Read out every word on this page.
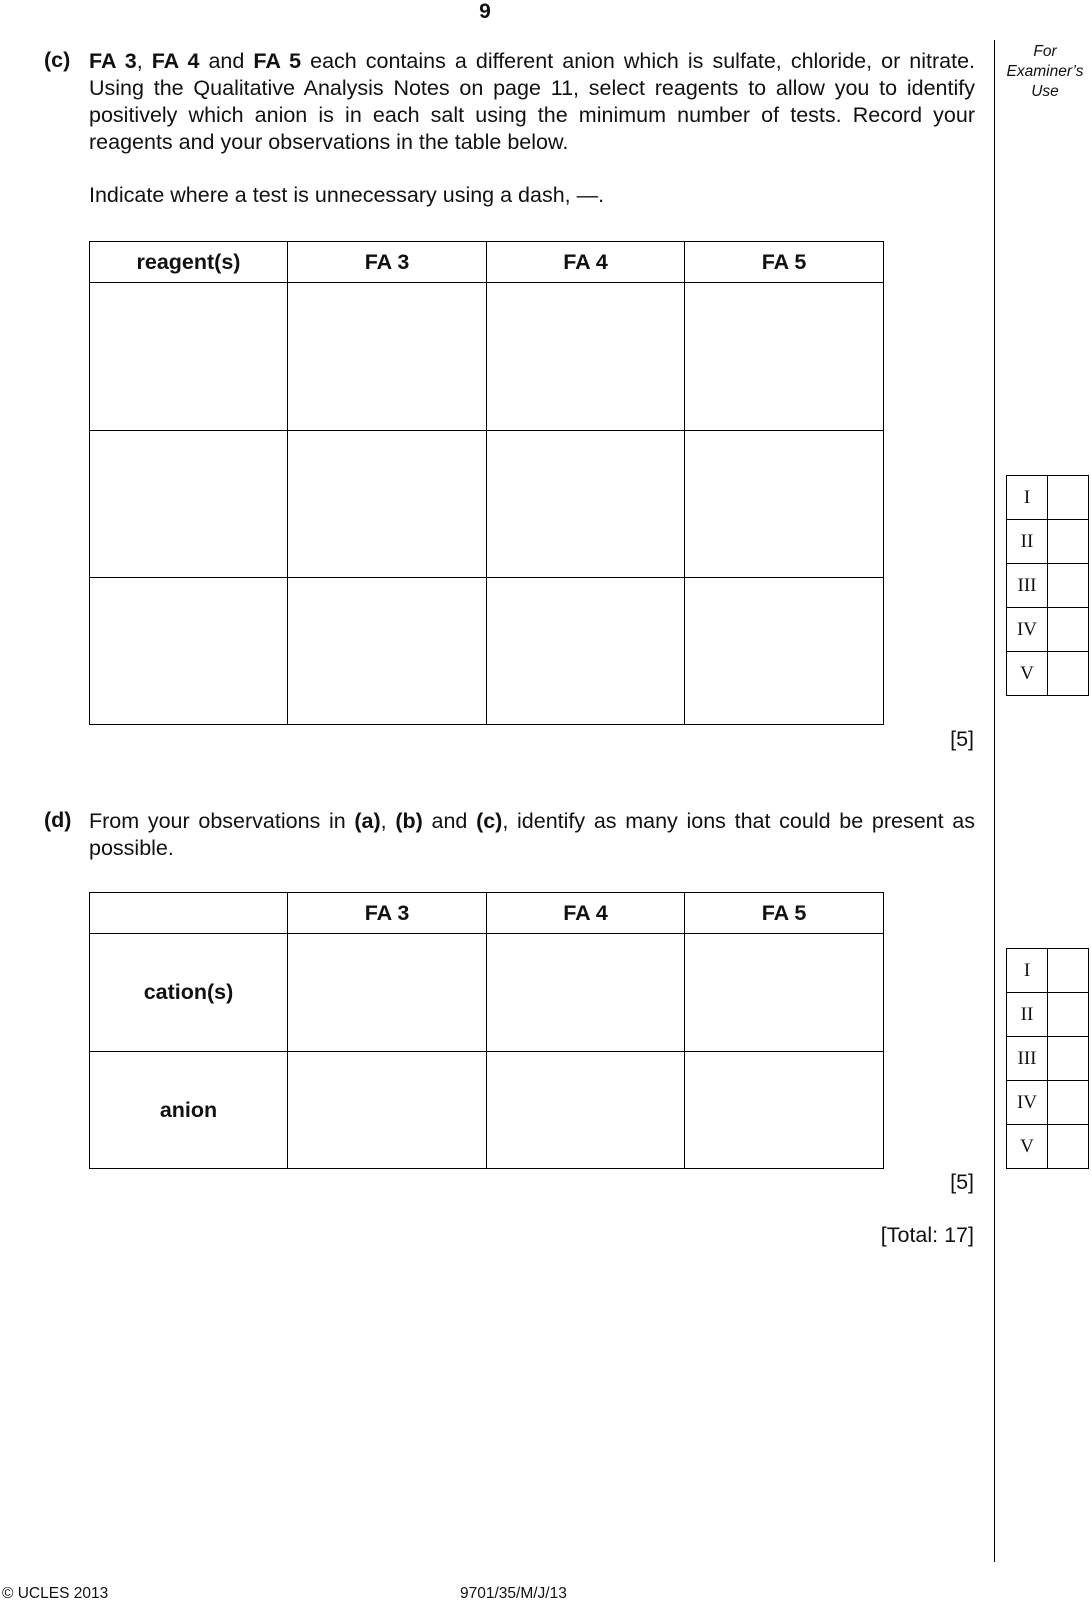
9
For
Examiner’s
Use
(c) FA 3, FA 4 and FA 5 each contains a different anion which is sulfate, chloride, or nitrate. Using the Qualitative Analysis Notes on page 11, select reagents to allow you to identify positively which anion is in each salt using the minimum number of tests. Record your reagents and your observations in the table below.
Indicate where a test is unnecessary using a dash, —.
reagent(s)	FA 3	FA 4	FA 5

[5]
I	
II	
III	
IV	
V	
(d) From your observations in (a), (b) and (c), identify as many ions that could be present as possible.
	FA 3	FA 4	FA 5
cation(s)			
anion			
[5]
[Total: 17]
I	
II	
III	
IV	
V	
© UCLES 2013	9701/35/M/J/13
